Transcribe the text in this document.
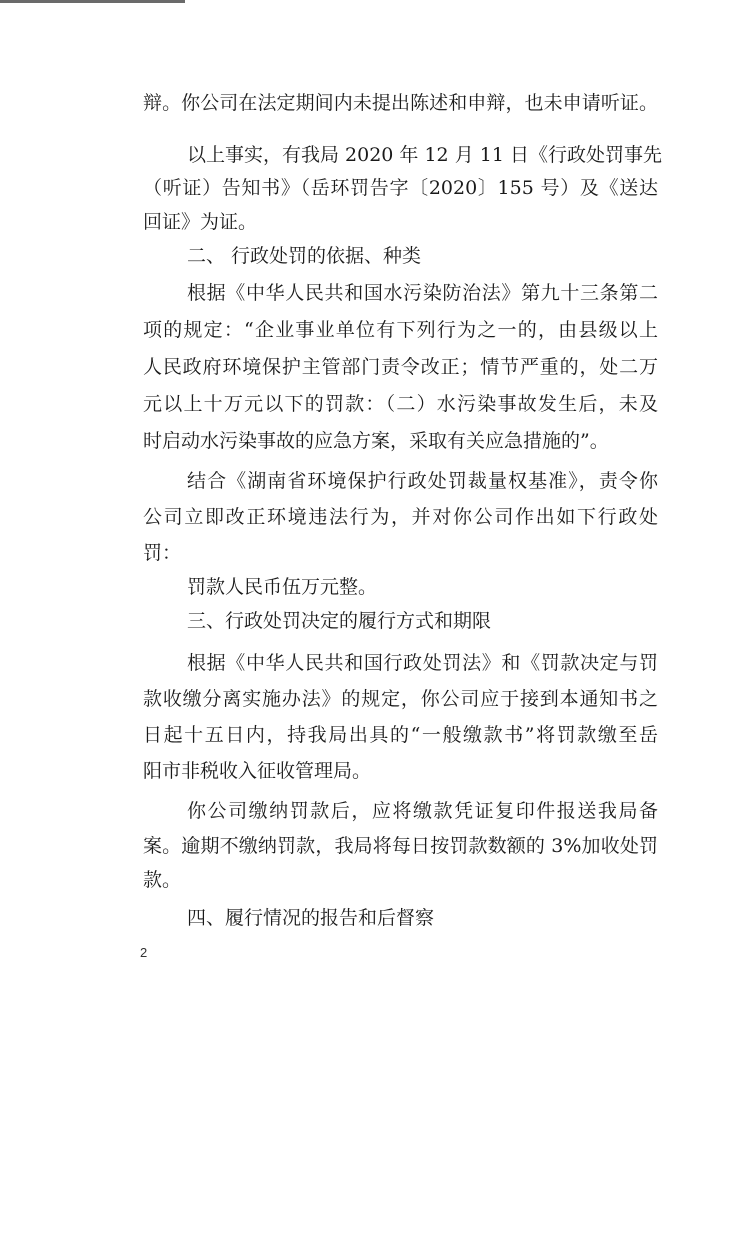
辩。你公司在法定期间内未提出陈述和申辩，也未申请听证。
以上事实，有我局 2020 年 12 月 11 日《行政处罚事先
（听证）告知书》（岳环罚告字〔2020〕155 号）及《送达
回证》为证。
二、 行政处罚的依据、种类
根据《中华人民共和国水污染防治法》第九十三条第二
项的规定：“企业事业单位有下列行为之一的，由县级以上
人民政府环境保护主管部门责令改正；情节严重的，处二万
元以上十万元以下的罚款：（二）水污染事故发生后，未及
时启动水污染事故的应急方案，采取有关应急措施的”。
结合《湖南省环境保护行政处罚裁量权基准》，责令你
公司立即改正环境违法行为，并对你公司作出如下行政处
罚：
罚款人民币伍万元整。
三、行政处罚决定的履行方式和期限
根据《中华人民共和国行政处罚法》和《罚款决定与罚
款收缴分离实施办法》的规定，你公司应于接到本通知书之
日起十五日内，持我局出具的“一般缴款书”将罚款缴至岳
阳市非税收入征收管理局。
你公司缴纳罚款后，应将缴款凭证复印件报送我局备
案。逾期不缴纳罚款，我局将每日按罚款数额的 3%加收处罚
款。
四、履行情况的报告和后督察
2
